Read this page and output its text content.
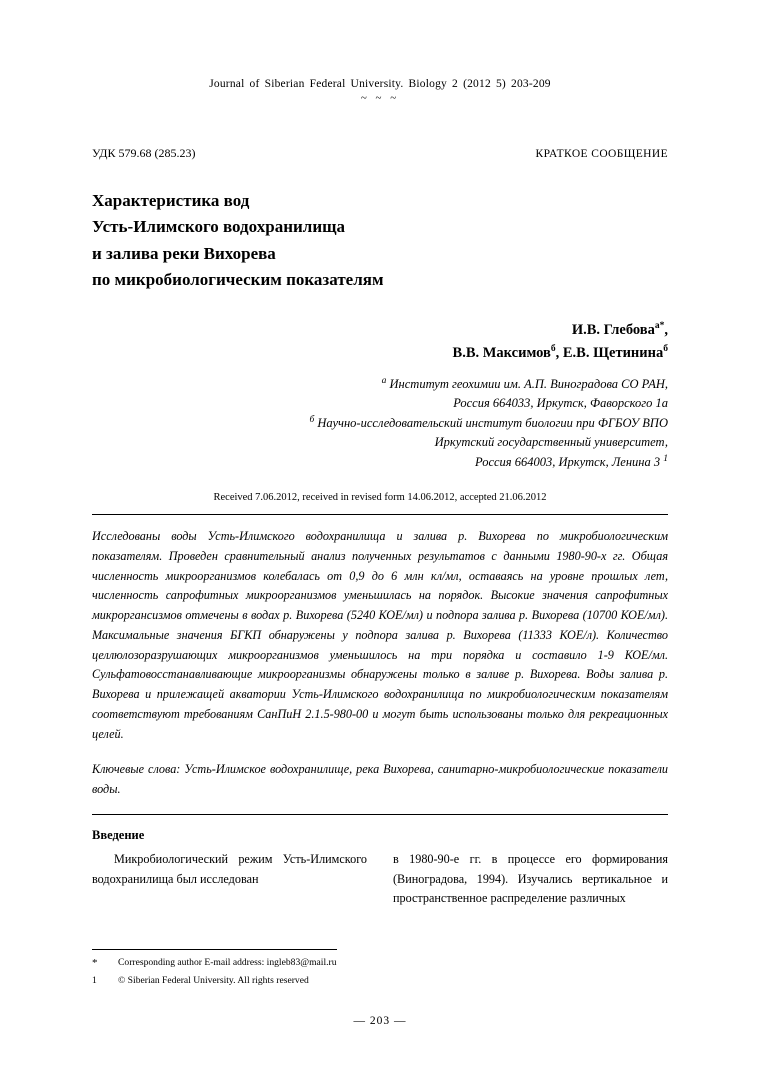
Journal of Siberian Federal University. Biology 2 (2012 5) 203-209
~ ~ ~
УДК 579.68 (285.23)	КРАТКОЕ СООБЩЕНИЕ
Характеристика вод
Усть-Илимского водохранилища
и залива реки Вихорева
по микробиологическим показателям
И.В. Глебова$^{а*}$,
В.В. Максимов$^б$, Е.В. Щетинина$^б$
$^а$ Институт геохимии им. А.П. Виноградова СО РАН,
Россия 664033, Иркутск, Фаворского 1а
$^б$ Научно-исследовательский институт биологии при ФГБОУ ВПО
Иркутский государственный университет,
Россия 664003, Иркутск, Ленина 3 $^1$
Received 7.06.2012, received in revised form 14.06.2012, accepted 21.06.2012
Исследованы воды Усть-Илимского водохранилища и залива р. Вихорева по микробиологическим показателям. Проведен сравнительный анализ полученных результатов с данными 1980-90-х гг. Общая численность микроорганизмов колебалась от 0,9 до 6 млн кл/мл, оставаясь на уровне прошлых лет, численность сапрофитных микроорганизмов уменьшилась на порядок. Высокие значения сапрофитных микроргансизмов отмечены в водах р. Вихорева (5240 КОЕ/мл) и подпора залива р. Вихорева (10700 КОЕ/мл). Максимальные значения БГКП обнаружены у подпора залива р. Вихорева (11333 КОЕ/л). Количество целлюлозоразрушающих микроорганизмов уменьшилось на три порядка и составило 1-9 КОЕ/мл. Сульфатовосстанавливающие микроорганизмы обнаружены только в заливе р. Вихорева. Воды залива р. Вихорева и прилежащей акватории Усть-Илимского водохранилища по микробиологическим показателям соответствуют требованиям СанПиН 2.1.5-980-00 и могут быть использованы только для рекреационных целей.
Ключевые слова: Усть-Илимское водохранилище, река Вихорева, санитарно-микробиологические показатели воды.
Введение

Микробиологический режим Усть-Илимского водохранилища был исследован

в 1980-90-е гг. в процессе его формирования (Виноградова, 1994). Изучались вертикальное и пространственное распределение различных

*	Corresponding author E-mail address: ingleb83@mail.ru
1	© Siberian Federal University. All rights reserved
— 203 —
